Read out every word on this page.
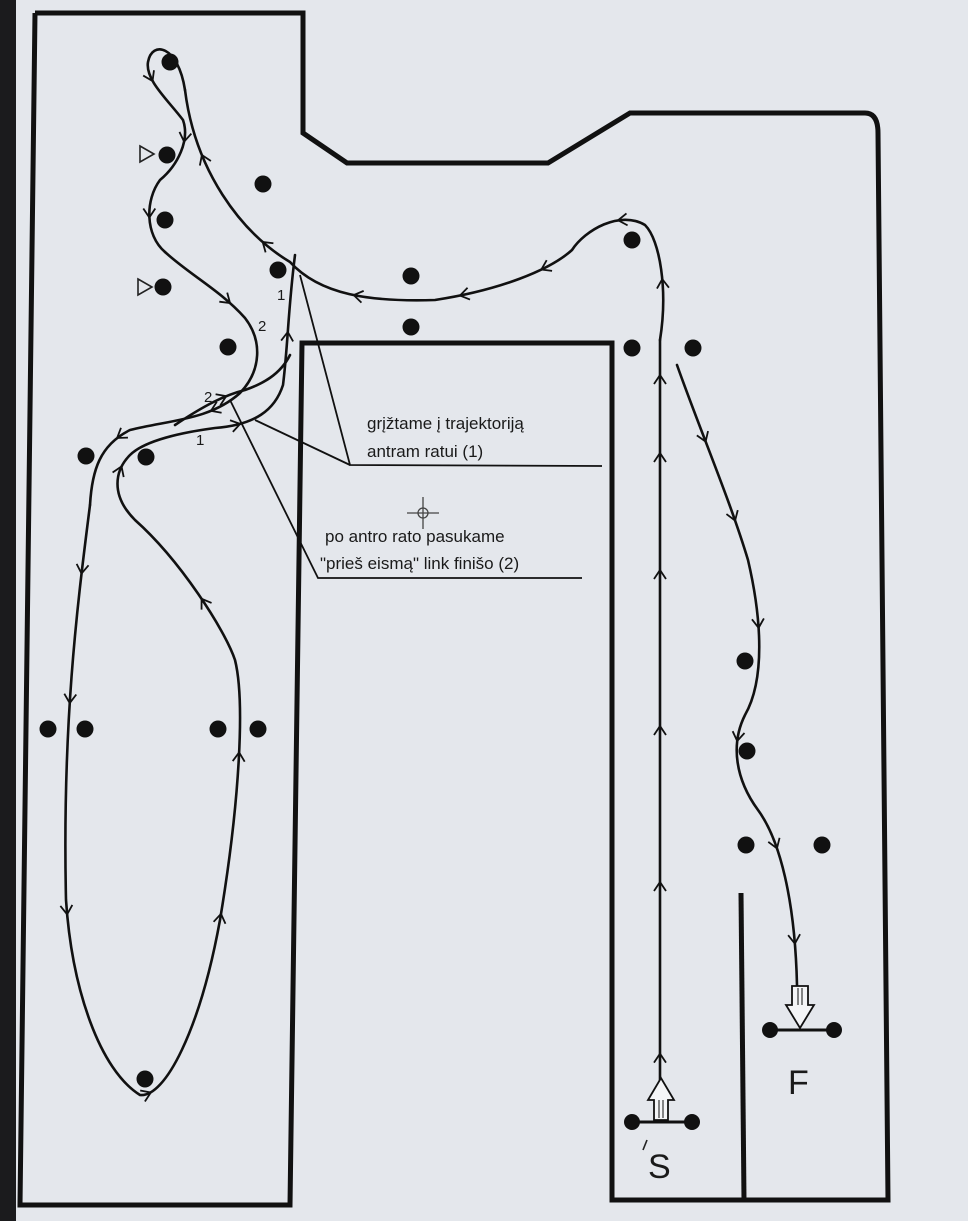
grįžtame į trajektoriją
antram ratui (1)
po antro rato pasukame
"prieš eismą" link finišo (2)
1
2
2
1
S
F
